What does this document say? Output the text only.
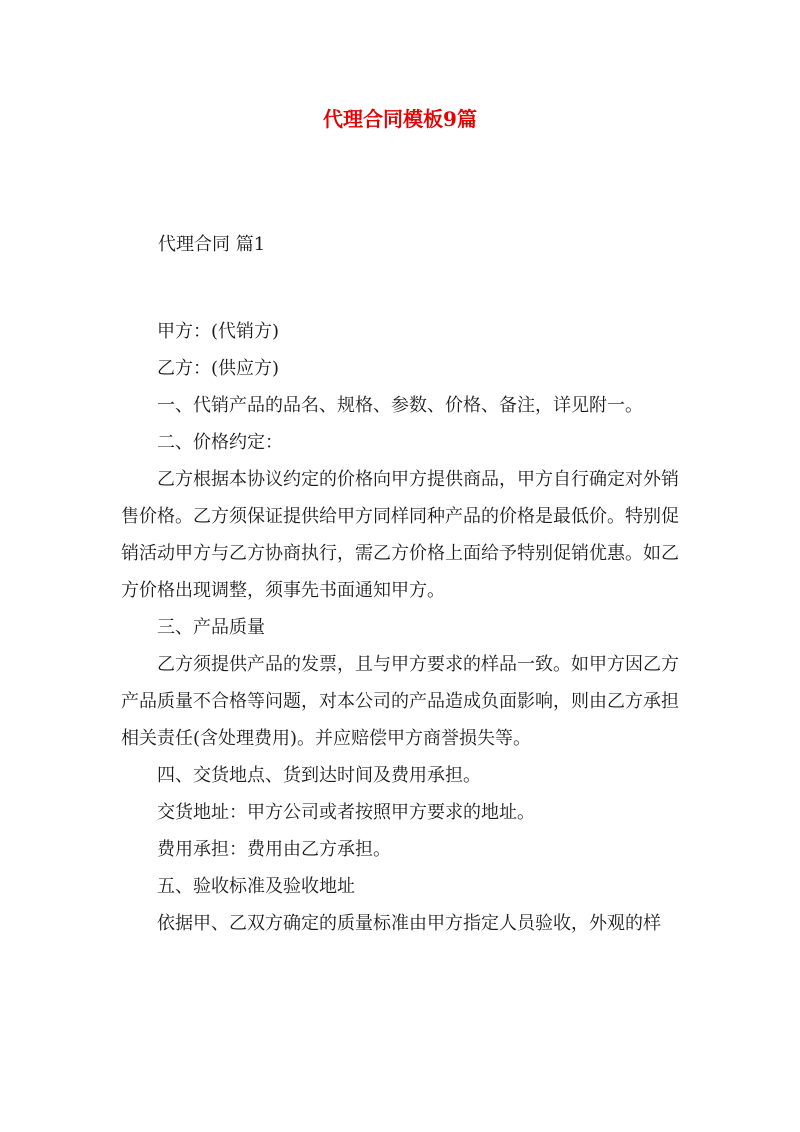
代理合同模板9篇
代理合同 篇1

甲方：(代销方)

乙方：(供应方)

一、代销产品的品名、规格、参数、价格、备注，详见附一。

二、价格约定：

乙方根据本协议约定的价格向甲方提供商品，甲方自行确定对外销售价格。乙方须保证提供给甲方同样同种产品的价格是最低价。特别促销活动甲方与乙方协商执行，需乙方价格上面给予特别促销优惠。如乙方价格出现调整，须事先书面通知甲方。

三、产品质量

乙方须提供产品的发票，且与甲方要求的样品一致。如甲方因乙方产品质量不合格等问题，对本公司的产品造成负面影响，则由乙方承担相关责任(含处理费用)。并应赔偿甲方商誉损失等。

四、交货地点、货到达时间及费用承担。

交货地址：甲方公司或者按照甲方要求的地址。

费用承担：费用由乙方承担。

五、验收标准及验收地址

依据甲、乙双方确定的质量标准由甲方指定人员验收，外观的样
